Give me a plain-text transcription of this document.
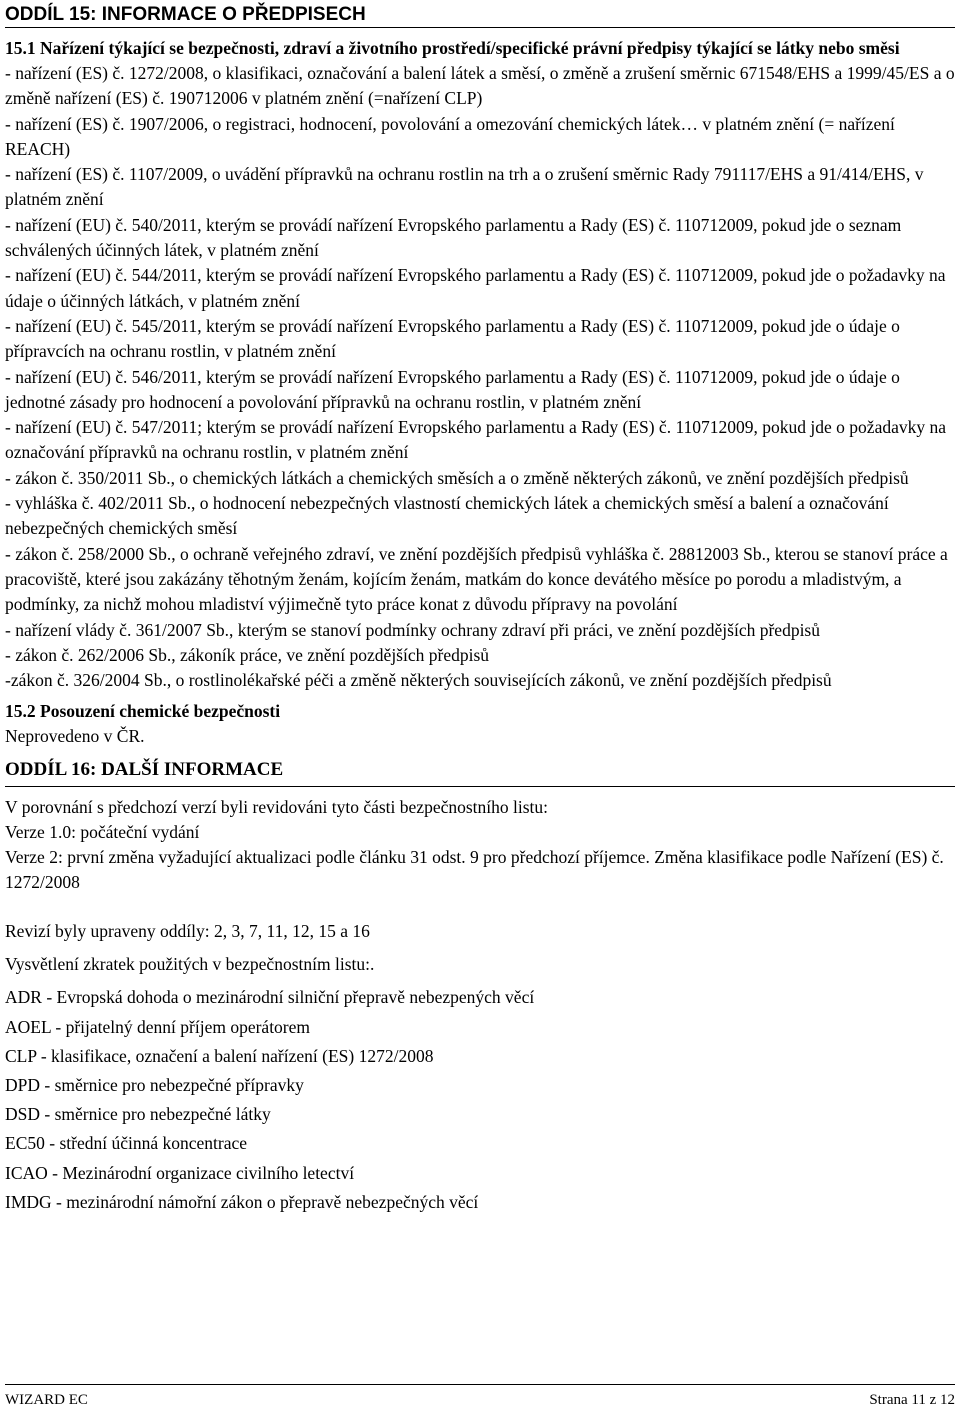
ODDÍL 15: INFORMACE O PŘEDPISECH
15.1 Nařízení týkající se bezpečnosti, zdraví a životního prostředí/specifické právní předpisy týkající se látky nebo směsi

- nařízení (ES) č. 1272/2008, o klasifikaci, označování a balení látek a směsí, o změně a zrušení směrnic 671548/EHS a 1999/45/ES a o změně nařízení (ES) č. 190712006 v platném znění (=nařízení CLP)

- nařízení (ES) č. 1907/2006, o registraci, hodnocení, povolování a omezování chemických látek… v platném znění (= nařízení REACH)

- nařízení (ES) č. 1107/2009, o uvádění přípravků na ochranu rostlin na trh a o zrušení směrnic Rady 791117/EHS a 91/414/EHS, v platném znění

- nařízení (EU) č. 540/2011, kterým se provádí nařízení Evropského parlamentu a Rady (ES) č. 110712009, pokud jde o seznam schválených účinných látek, v platném znění

- nařízení (EU) č. 544/2011, kterým se provádí nařízení Evropského parlamentu a Rady (ES) č. 110712009, pokud jde o požadavky na údaje o účinných látkách, v platném znění

- nařízení (EU) č. 545/2011, kterým se provádí nařízení Evropského parlamentu a Rady (ES) č. 110712009, pokud jde o údaje o přípravcích na ochranu rostlin, v platném znění

- nařízení (EU) č. 546/2011, kterým se provádí nařízení Evropského parlamentu a Rady (ES) č. 110712009, pokud jde o údaje o jednotné zásady pro hodnocení a povolování přípravků na ochranu rostlin, v platném znění

- nařízení (EU) č. 547/2011; kterým se provádí nařízení Evropského parlamentu a Rady (ES) č. 110712009, pokud jde o požadavky na označování přípravků na ochranu rostlin, v platném znění

- zákon č. 350/2011 Sb., o chemických látkách a chemických směsích a o změně některých zákonů, ve znění pozdějších předpisů

- vyhláška č. 402/2011 Sb., o hodnocení nebezpečných vlastností chemických látek a chemických směsí a balení a označování nebezpečných chemických směsí

- zákon č. 258/2000 Sb., o ochraně veřejného zdraví, ve znění pozdějších předpisů vyhláška č. 28812003 Sb., kterou se stanoví práce a pracoviště, které jsou zakázány těhotným ženám, kojícím ženám, matkám do konce devátého měsíce po porodu a mladistvým, a podmínky, za nichž mohou mladiství výjimečně tyto práce konat z důvodu přípravy na povolání

- nařízení vlády č. 361/2007 Sb., kterým se stanoví podmínky ochrany zdraví při práci, ve znění pozdějších předpisů

- zákon č. 262/2006 Sb., zákoník práce, ve znění pozdějších předpisů

-zákon č. 326/2004 Sb., o rostlinolékařské péči a změně některých souvisejících zákonů, ve znění pozdějších předpisů

15.2 Posouzení chemické bezpečnosti

Neprovedeno v ČR.

ODDÍL 16: DALŠÍ INFORMACE

V porovnání s předchozí verzí byli revidováni tyto části bezpečnostního listu:

Verze 1.0: počáteční vydání

Verze 2: první změna vyžadující aktualizaci podle článku 31 odst. 9 pro předchozí příjemce. Změna klasifikace podle Nařízení (ES) č. 1272/2008

Revizí byly upraveny oddíly: 2, 3, 7, 11, 12, 15 a 16

Vysvětlení zkratek použitých v bezpečnostním listu:.

ADR - Evropská dohoda o mezinárodní silniční přepravě nebezpených věcí

AOEL - přijatelný denní příjem operátorem

CLP - klasifikace, označení a balení nařízení (ES) 1272/2008

DPD - směrnice pro nebezpečné přípravky

DSD - směrnice pro nebezpečné látky

EC50 - střední účinná koncentrace

ICAO - Mezinárodní organizace civilního letectví

IMDG - mezinárodní námořní zákon o přepravě nebezpečných věcí

WIZARD EC	Strana 11 z 12
